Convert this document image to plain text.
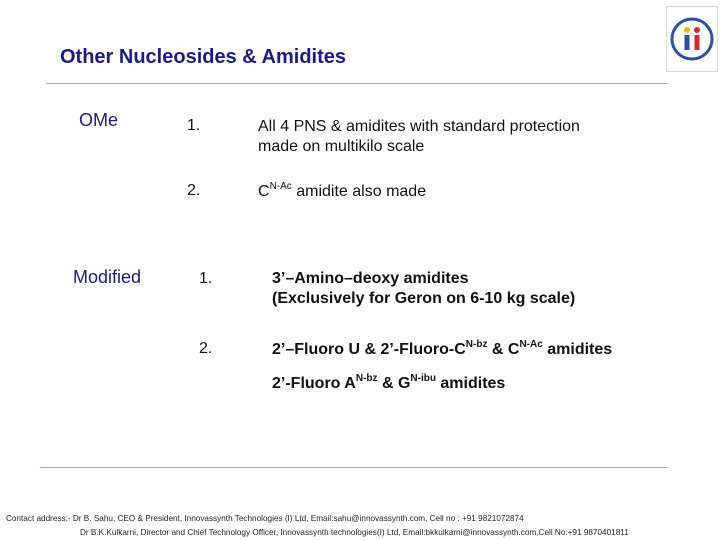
Other Nucleosides & Amidites
OMe	1.	All 4 PNS & amidites with standard protection
made on multikilo scale
2.	$C^{N-Ac}$ amidite also made
Modified	1.	3’–Amino–deoxy amidites
(Exclusively for Geron on 6-10 kg scale)
2.	2’–Fluoro U & $2’-Fluoro-C^{N-bz}$ & $C^{N-Ac}$ amidites
2’-Fluoro $A^{N-bz}$ & $G^{N-ibu}$ amidites
Contact address:- Dr B. Sahu, CEO & President, Innovassynth Technologies (I) Ltd, Email:sahu@innovassynth.com, Cell no : +91 9821072874
Dr B.K.Kulkarni, Director and Chief Technology Officer, Innovassynth technologies(I) Ltd, Email:bkkulkarni@innovassynth.com,Cell No:+91 9870401811
